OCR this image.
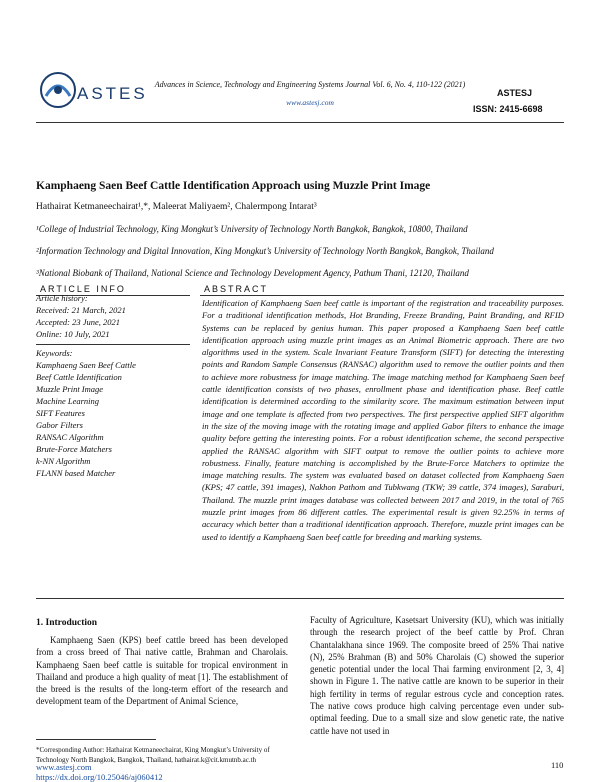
ASTES Advances in Science, Technology and Engineering Systems Journal Vol. 6, No. 4, 110-122 (2021)
www.astesj.com
ASTESJ
ISSN: 2415-6698
Kamphaeng Saen Beef Cattle Identification Approach using Muzzle Print Image
Hathairat Ketmaneechairat¹,*, Maleerat Maliyaem², Chalermpong Intarat³
¹College of Industrial Technology, King Mongkut’s University of Technology North Bangkok, Bangkok, 10800, Thailand
²Information Technology and Digital Innovation, King Mongkut’s University of Technology North Bangkok, Bangkok, Thailand
³National Biobank of Thailand, National Science and Technology Development Agency, Pathum Thani, 12120, Thailand
ARTICLE INFO	ABSTRACT
Article history:
Received: 21 March, 2021
Accepted: 23 June, 2021
Online: 10 July, 2021
Keywords:
Kamphaeng Saen Beef Cattle
Beef Cattle Identification
Muzzle Print Image
Machine Learning
SIFT Features
Gabor Filters
RANSAC Algorithm
Brute-Force Matchers
k-NN Algorithm
FLANN based Matcher
Identification of Kamphaeng Saen beef cattle is important of the registration and traceability purposes. For a traditional identification methods, Hot Branding, Freeze Branding, Paint Branding, and RFID Systems can be replaced by genius human. This paper proposed a Kamphaeng Saen beef cattle identification approach using muzzle print images as an Animal Biometric approach. There are two algorithms used in the system. Scale Invariant Feature Transform (SIFT) for detecting the interesting points and Random Sample Consensus (RANSAC) algorithm used to remove the outlier points and then to achieve more robustness for image matching. The image matching method for Kamphaeng Saen beef cattle identification consists of two phases, enrollment phase and identification phase. Beef cattle identification is determined according to the similarity score. The maximum estimation between input image and one template is affected from two perspectives. The first perspective applied SIFT algorithm in the size of the moving image with the rotating image and applied Gabor filters to enhance the image quality before getting the interesting points. For a robust identification scheme, the second perspective applied the RANSAC algorithm with SIFT output to remove the outlier points to achieve more robustness. Finally, feature matching is accomplished by the Brute-Force Matchers to optimize the image matching results. The system was evaluated based on dataset collected from Kamphaeng Saen (KPS; 47 cattle, 391 images), Nakhon Pathom and Tubkwang (TKW; 39 cattle, 374 images), Saraburi, Thailand. The muzzle print images database was collected between 2017 and 2019, in the total of 765 muzzle print images from 86 different cattles. The experimental result is given 92.25% in terms of accuracy which better than a traditional identification approach. Therefore, muzzle print images can be used to identify a Kamphaeng Saen beef cattle for breeding and marking systems.
1. Introduction
Kamphaeng Saen (KPS) beef cattle breed has been developed from a cross breed of Thai native cattle, Brahman and Charolais. Kamphaeng Saen beef cattle is suitable for tropical environment in Thailand and produce a high quality of meat [1]. The establishment of the breed is the results of the long-term effort of the research and development team of the Department of Animal Science,
Faculty of Agriculture, Kasetsart University (KU), which was initially through the research project of the beef cattle by Prof. Chran Chantalakhana since 1969. The composite breed of 25% Thai native (N), 25% Brahman (B) and 50% Charolais (C) showed the superior genetic potential under the local Thai farming environment [2, 3, 4] shown in Figure 1. The native cattle are known to be superior in their high fertility in terms of regular estrous cycle and conception rates. The native cows produce high calving percentage even under sub-optimal feeding. Due to a small size and slow genetic rate, the native cattle have not used in
*Corresponding Author: Hathairat Ketmaneechairat, King Mongkut’s University of Technology North Bangkok, Bangkok, Thailand, hathairat.k@cit.kmutnb.ac.th
www.astesj.com
https://dx.doi.org/10.25046/aj060412
110
